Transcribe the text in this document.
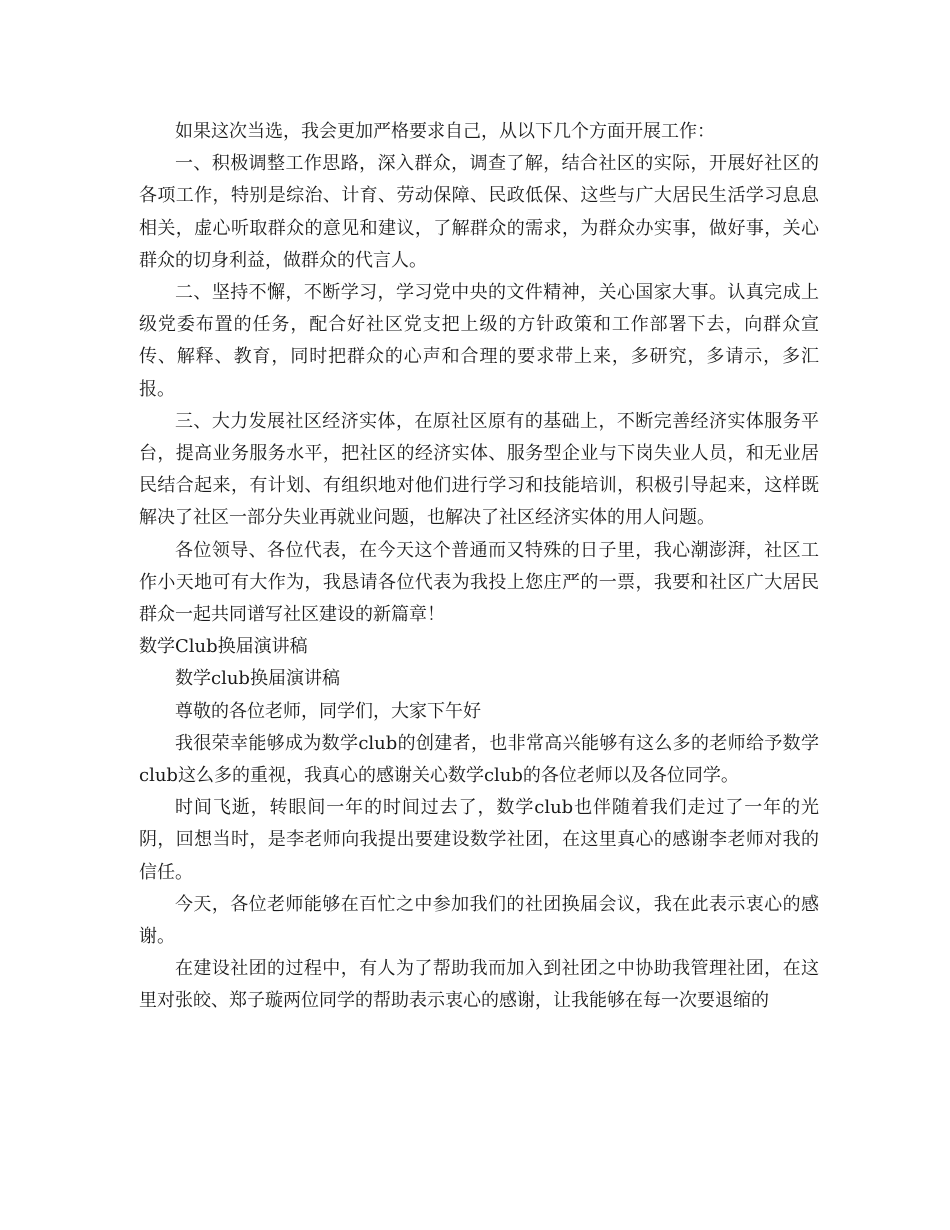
如果这次当选，我会更加严格要求自己，从以下几个方面开展工作：

一、积极调整工作思路，深入群众，调查了解，结合社区的实际，开展好社区的各项工作，特别是综治、计育、劳动保障、民政低保、这些与广大居民生活学习息息相关，虚心听取群众的意见和建议，了解群众的需求，为群众办实事，做好事，关心群众的切身利益，做群众的代言人。

二、坚持不懈，不断学习，学习党中央的文件精神，关心国家大事。认真完成上级党委布置的任务，配合好社区党支把上级的方针政策和工作部署下去，向群众宣传、解释、教育，同时把群众的心声和合理的要求带上来，多研究，多请示，多汇报。

三、大力发展社区经济实体，在原社区原有的基础上，不断完善经济实体服务平台，提高业务服务水平，把社区的经济实体、服务型企业与下岗失业人员，和无业居民结合起来，有计划、有组织地对他们进行学习和技能培训，积极引导起来，这样既解决了社区一部分失业再就业问题，也解决了社区经济实体的用人问题。

各位领导、各位代表，在今天这个普通而又特殊的日子里，我心潮澎湃，社区工作小天地可有大作为，我恳请各位代表为我投上您庄严的一票，我要和社区广大居民群众一起共同谱写社区建设的新篇章！

数学Club换届演讲稿

数学club换届演讲稿

尊敬的各位老师，同学们，大家下午好

我很荣幸能够成为数学club的创建者，也非常高兴能够有这么多的老师给予数学club这么多的重视，我真心的感谢关心数学club的各位老师以及各位同学。

时间飞逝，转眼间一年的时间过去了，数学club也伴随着我们走过了一年的光阴，回想当时，是李老师向我提出要建设数学社团，在这里真心的感谢李老师对我的信任。

今天，各位老师能够在百忙之中参加我们的社团换届会议，我在此表示衷心的感谢。

在建设社团的过程中，有人为了帮助我而加入到社团之中协助我管理社团，在这里对张皎、郑子璇两位同学的帮助表示衷心的感谢，让我能够在每一次要退缩的
